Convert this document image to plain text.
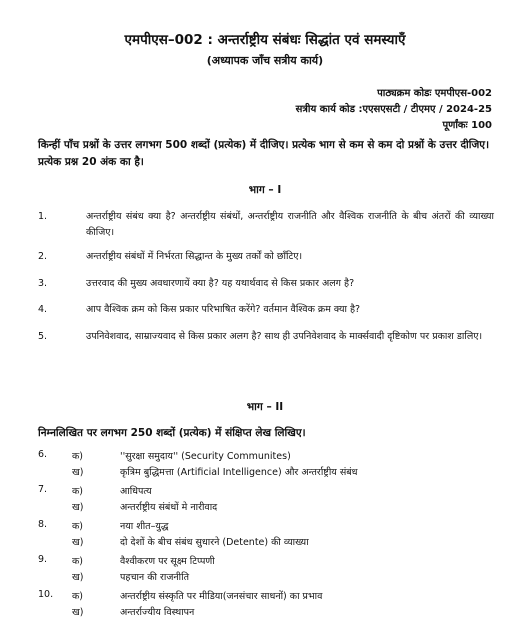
एमपीएस–002 : अन्तर्राष्ट्रीय संबंधः सिद्धांत एवं समस्याएँ
(अध्यापक जाँच सत्रीय कार्य)
पाठ्यक्रम कोडः एमपीएस-002
सत्रीय कार्य कोड :एएसएसटी / टीएमए / 2024-25
पूर्णांकः 100
किन्हीं पाँच प्रश्नों के उत्तर लगभग 500 शब्दों (प्रत्येक) में दीजिए। प्रत्येक भाग से कम से कम दो प्रश्नों के उत्तर दीजिए। प्रत्येक प्रश्न 20 अंक का है।
भाग – I
1.	अन्तर्राष्ट्रीय संबंध क्या है? अन्तर्राष्ट्रीय संबंधों, अन्तर्राष्ट्रीय राजनीति और वैश्विक राजनीति के बीच अंतरों की व्याख्या कीजिए।
2.	अन्तर्राष्ट्रीय संबंधों में निर्भरता सिद्धान्त के मुख्य तर्कों को छाँटिए।
3.	उत्तरवाद की मुख्य अवधारणायें क्या है? यह यथार्थवाद से किस प्रकार अलग है?
4.	आप वैश्विक क्रम को किस प्रकार परिभाषित करेंगे? वर्तमान वैश्विक क्रम क्या है?
5.	उपनिवेशवाद, साम्राज्यवाद से किस प्रकार अलग है? साथ ही उपनिवेशवाद के मार्क्सवादी दृष्टिकोण पर प्रकाश डालिए।
भाग – II
निम्नलिखित पर लगभग 250 शब्दों (प्रत्येक) में संक्षिप्त लेख लिखिए।
6.	क)	''सुरक्षा समुदाय'' (Security Communites)
ख)	कृत्रिम बुद्धिमत्ता (Artificial Intelligence) और अन्तर्राष्ट्रीय संबंध
7.	क)	आधिपत्य
ख)	अन्तर्राष्ट्रीय संबंधों मे नारीवाद
8.	क)	नया शीत–युद्ध
ख)	दो देशों के बीच संबंध सुधारने (Detente) की व्याख्या
9.	क)	वैश्वीकरण पर सूक्ष्म टिप्पणी
ख)	पहचान की राजनीति
10. क)	अन्तर्राष्ट्रीय संस्कृति पर मीडिया(जनसंचार साधनों) का प्रभाव
ख)	अन्तर्राज्यीय विस्थापन
